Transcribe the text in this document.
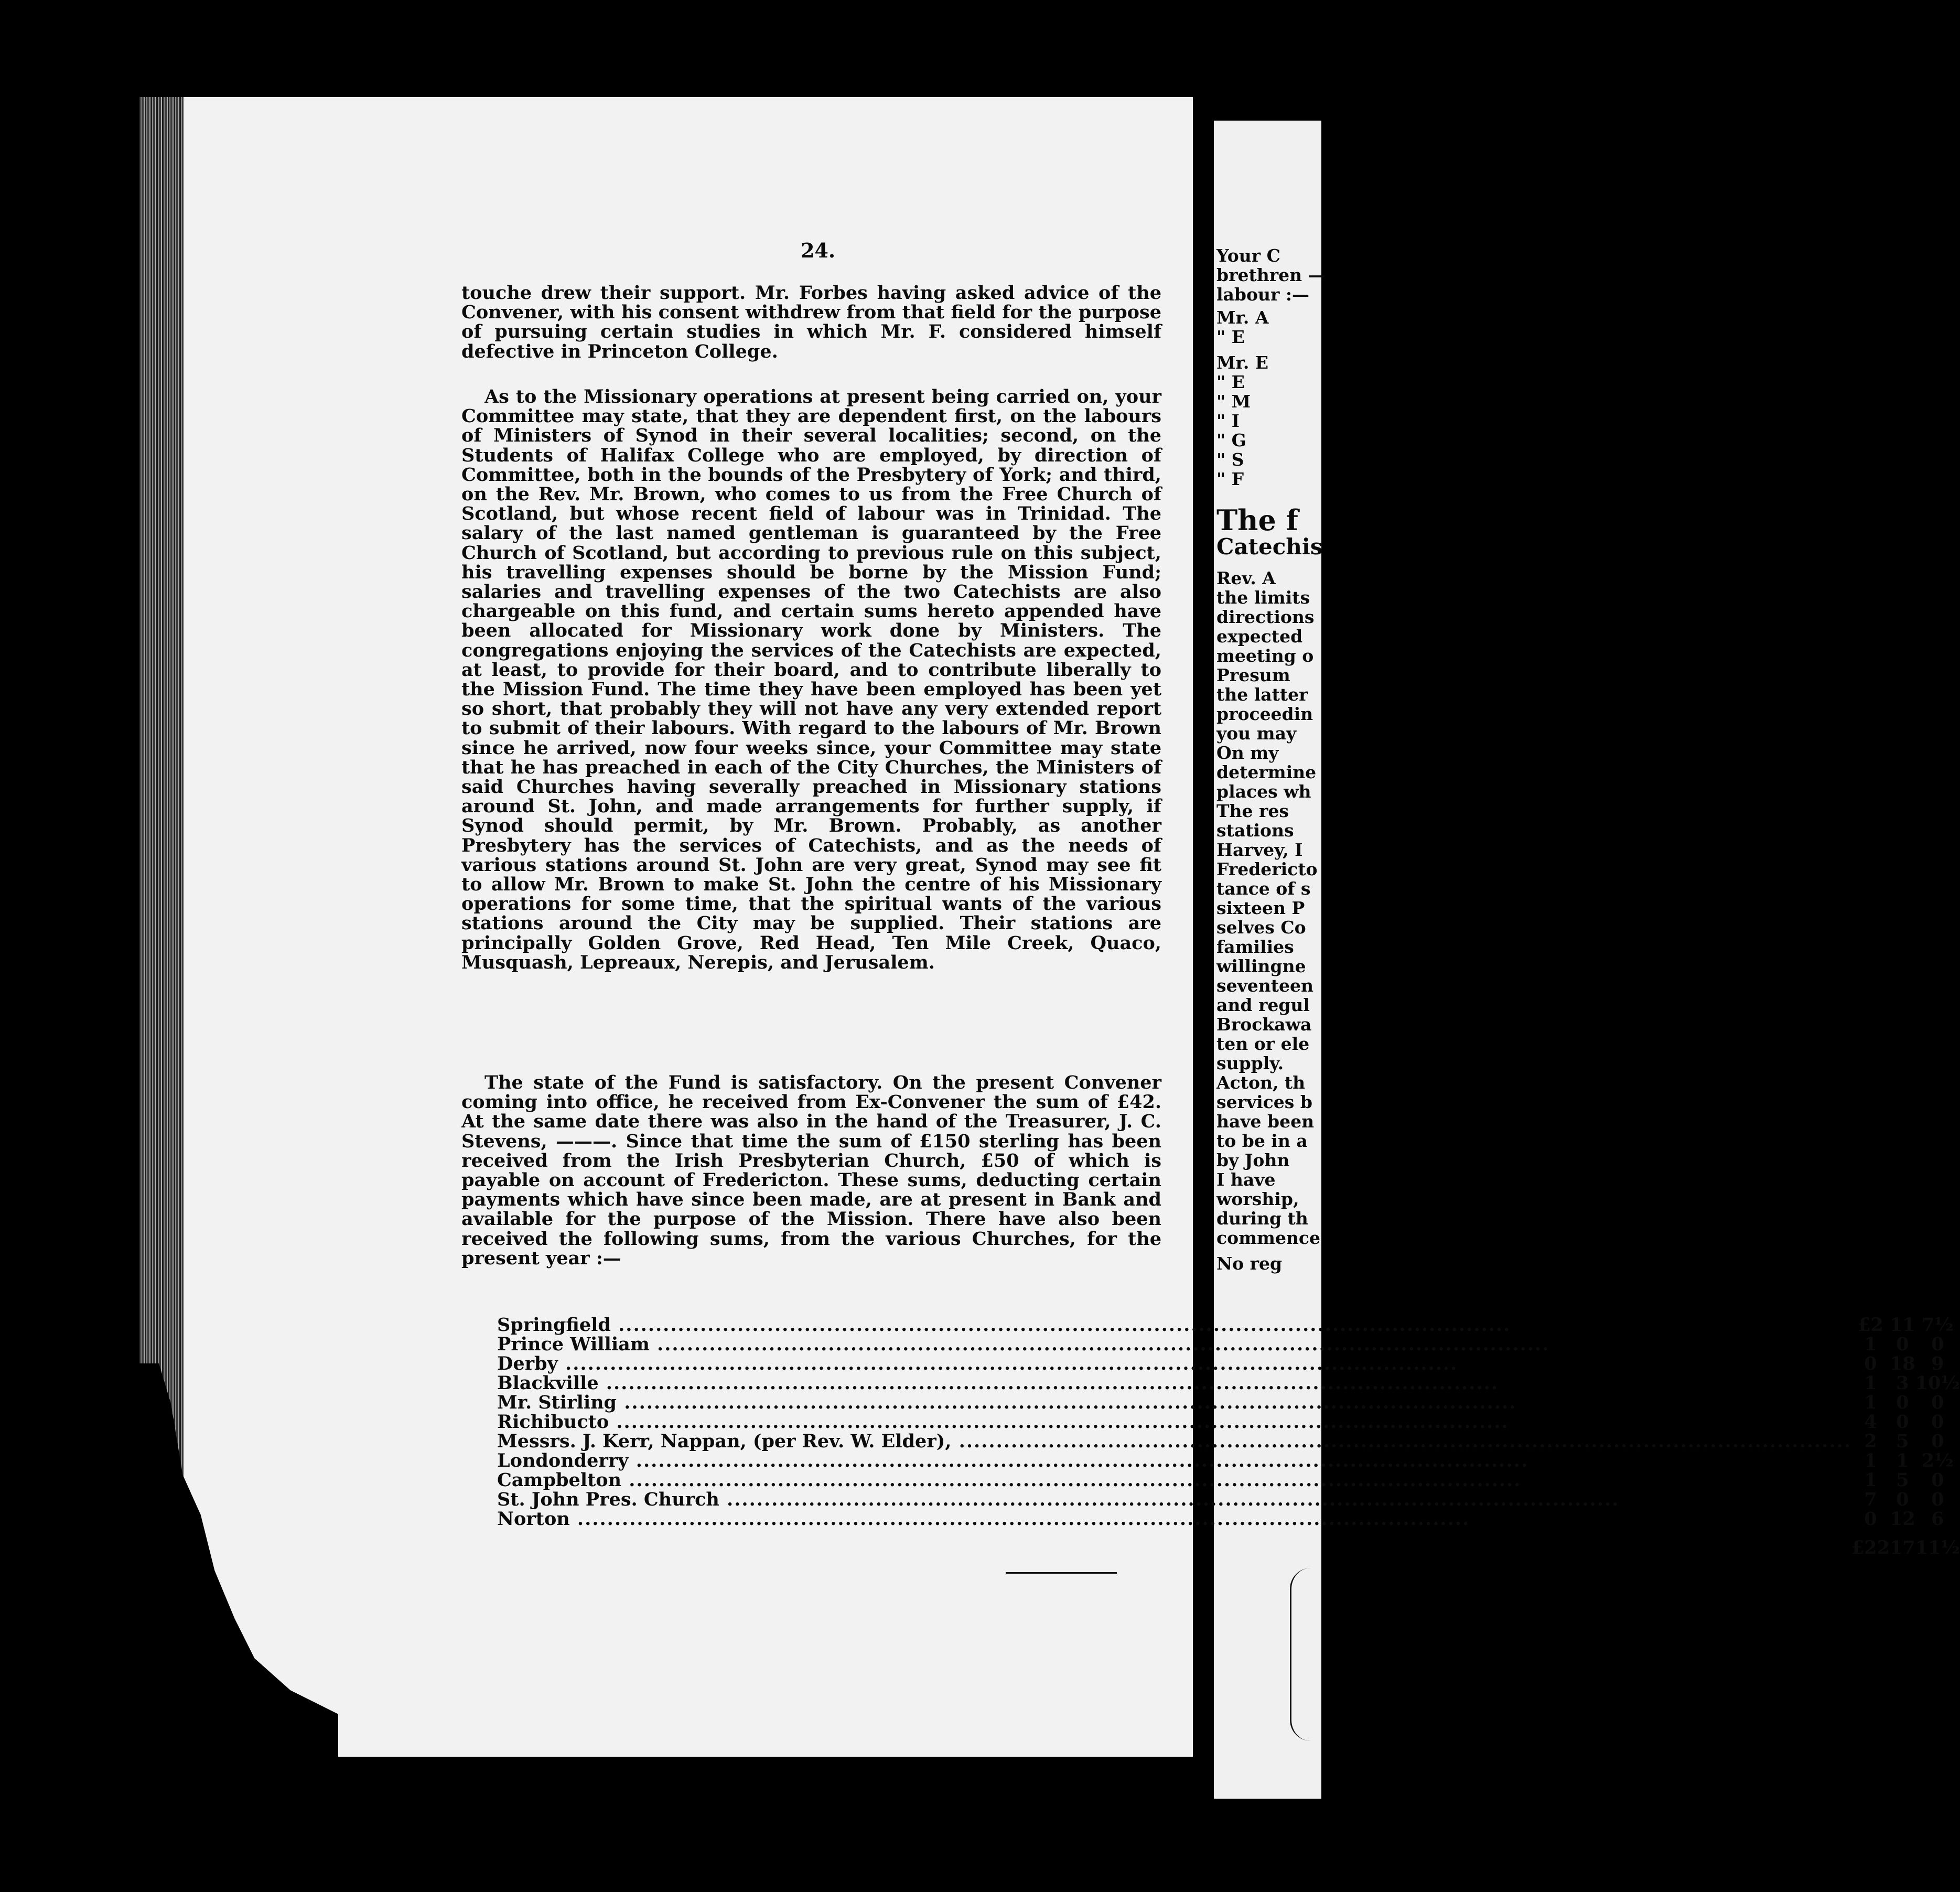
24.

touche drew their support. Mr. Forbes having asked advice of the Convener, with his consent withdrew from that field for the purpose of pursuing certain studies in which Mr. F. considered himself defective in Princeton College.

As to the Missionary operations at present being carried on, your Committee may state, that they are dependent first, on the labours of Ministers of Synod in their several localities; second, on the Students of Halifax College who are employed, by direction of Committee, both in the bounds of the Presbytery of York; and third, on the Rev. Mr. Brown, who comes to us from the Free Church of Scotland, but whose recent field of labour was in Trinidad. The salary of the last named gentleman is guaranteed by the Free Church of Scotland, but according to previous rule on this subject, his travelling expenses should be borne by the Mission Fund; salaries and travelling expenses of the two Catechists are also chargeable on this fund, and certain sums hereto appended have been allocated for Missionary work done by Ministers. The congregations enjoying the services of the Catechists are expected, at least, to provide for their board, and to contribute liberally to the Mission Fund. The time they have been employed has been yet so short, that probably they will not have any very extended report to submit of their labours. With regard to the labours of Mr. Brown since he arrived, now four weeks since, your Committee may state that he has preached in each of the City Churches, the Ministers of said Churches having severally preached in Missionary stations around St. John, and made arrangements for further supply, if Synod should permit, by Mr. Brown. Probably, as another Presbytery has the services of Catechists, and as the needs of various stations around St. John are very great, Synod may see fit to allow Mr. Brown to make St. John the centre of his Missionary operations for some time, that the spiritual wants of the various stations around the City may be supplied. Their stations are principally Golden Grove, Red Head, Ten Mile Creek, Quaco, Musquash, Lepreaux, Nerepis, and Jerusalem.

The state of the Fund is satisfactory. On the present Convener coming into office, he received from Ex-Convener the sum of £42. At the same date there was also in the hand of the Treasurer, J. C. Stevens, ———. Since that time the sum of £150 sterling has been received from the Irish Presbyterian Church, £50 of which is payable on account of Fredericton. These sums, deducting certain payments which have since been made, are at present in Bank and available for the purpose of the Mission. There have also been received the following sums, from the various Churches, for the present year :—

Springfield .....	£2	11	7½
Prince William .....	1	0	0
Derby .....	0	18	9
Blackville .....	1	3	10½
Mr. Stirling .....	1	0	0
Richibucto .....	4	0	0
Messrs. J. Kerr, Nappan, (per Rev. W. Elder), .....	2	5	0
Londonderry .....	1	1	2½
Campbelton .....	1	5	0
St. John Pres. Church .....	7	0	0
Norton .....	0	12	6
	£22	17	11½
Your C
brethren —
labour :—
Mr. A
" E
Mr. E
" E
" M
" I
" G
" S
" F
The f
Catechis
Rev. A
the limits
directions
expected
meeting o
Presum
the latter
proceedin
you may
On my
determine
places wh
The res
stations
Harvey, I
Fredericto
tance of s
sixteen P
selves Co
families
willingne
seventeen
and regul
Brockawa
ten or ele
supply.
Acton, th
services b
have been
to be in a
by John
I have
worship,
during th
commence
No reg
